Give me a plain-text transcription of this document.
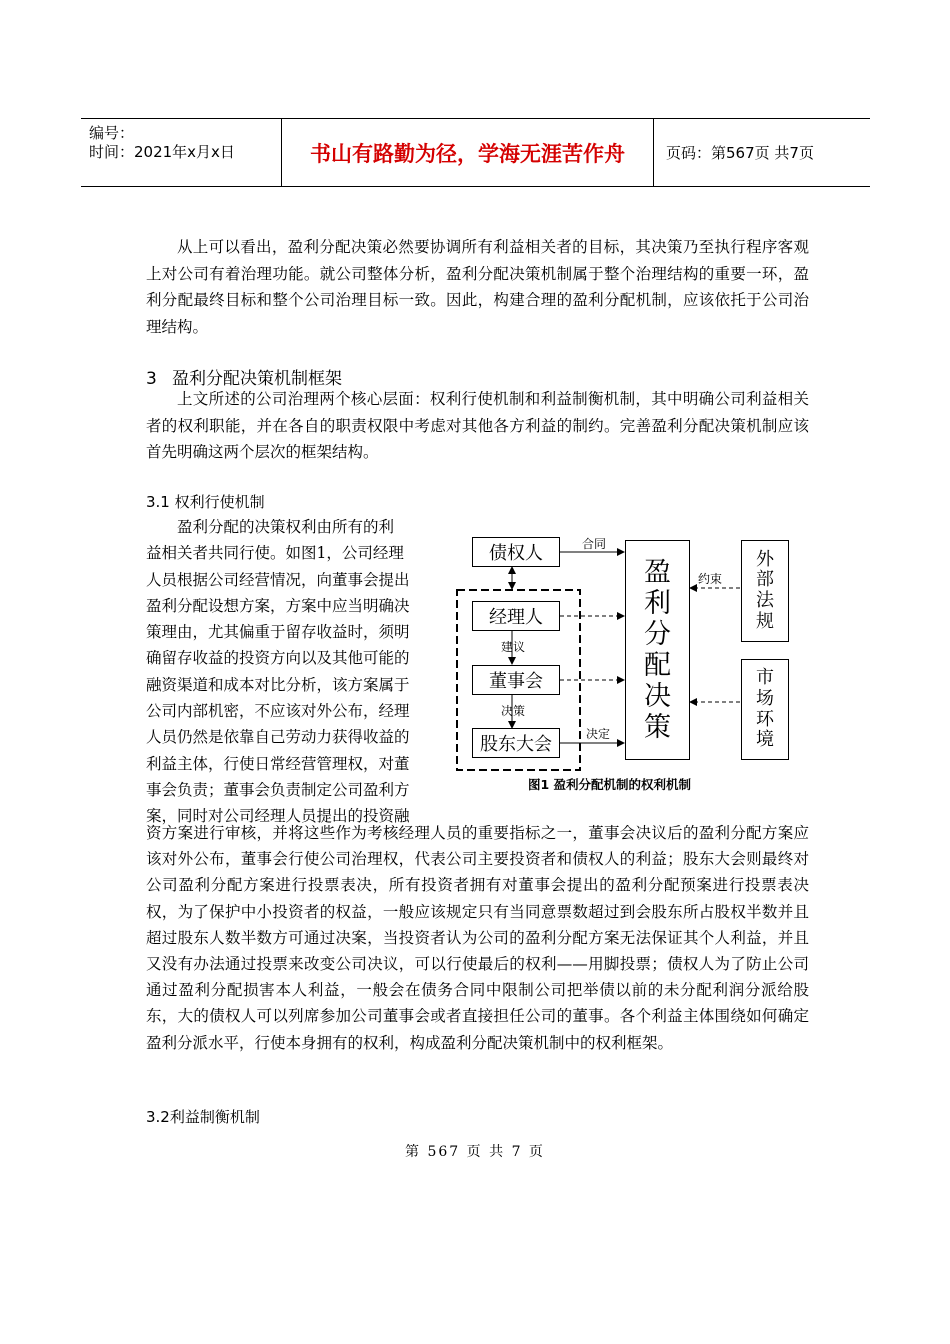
编号：
时间：2021年x月x日	书山有路勤为径，学海无涯苦作舟	页码：第567页 共7页

从上可以看出，盈利分配决策必然要协调所有利益相关者的目标，其决策乃至执行程序客观上对公司有着治理功能。就公司整体分析，盈利分配决策机制属于整个治理结构的重要一环，盈利分配最终目标和整个公司治理目标一致。因此，构建合理的盈利分配机制，应该依托于公司治理结构。

3 盈利分配决策机制框架

上文所述的公司治理两个核心层面：权利行使机制和利益制衡机制，其中明确公司利益相关者的权利职能，并在各自的职责权限中考虑对其他各方利益的制约。完善盈利分配决策机制应该首先明确这两个层次的框架结构。

3.1 权利行使机制
盈利分配的决策权利由所有的利
益相关者共同行使。如图1，公司经理
人员根据公司经营情况，向董事会提出
盈利分配设想方案，方案中应当明确决
策理由，尤其偏重于留存收益时，须明
确留存收益的投资方向以及其他可能的
融资渠道和成本对比分析，该方案属于
公司内部机密，不应该对外公布，经理
人员仍然是依靠自己劳动力获得收益的
利益主体，行使日常经营管理权，对董
事会负责；董事会负责制定公司盈利方
案，同时对公司经理人员提出的投资融

资方案进行审核，并将这些作为考核经理人员的重要指标之一，董事会决议后的盈利分配方案应该对外公布，董事会行使公司治理权，代表公司主要投资者和债权人的利益；股东大会则最终对公司盈利分配方案进行投票表决，所有投资者拥有对董事会提出的盈利分配预案进行投票表决权，为了保护中小投资者的权益，一般应该规定只有当同意票数超过到会股东所占股权半数并且超过股东人数半数方可通过决案，当投资者认为公司的盈利分配方案无法保证其个人利益，并且又没有办法通过投票来改变公司决议，可以行使最后的权利——用脚投票；债权人为了防止公司通过盈利分配损害本人利益，一般会在债务合同中限制公司把举债以前的未分配利润分派给股东，大的债权人可以列席参加公司董事会或者直接担任公司的董事。各个利益主体围绕如何确定盈利分派水平，行使本身拥有的权利，构成盈利分配决策机制中的权利框架。

债权人
经理人
董事会
股东大会
盈
利
分
配
决
策
外
部
法
规
市
场
环
境
合同
约束
建议
决策
决定
图1 盈利分配机制的权利机制
3.2利益制衡机制
第 567 页 共 7 页
